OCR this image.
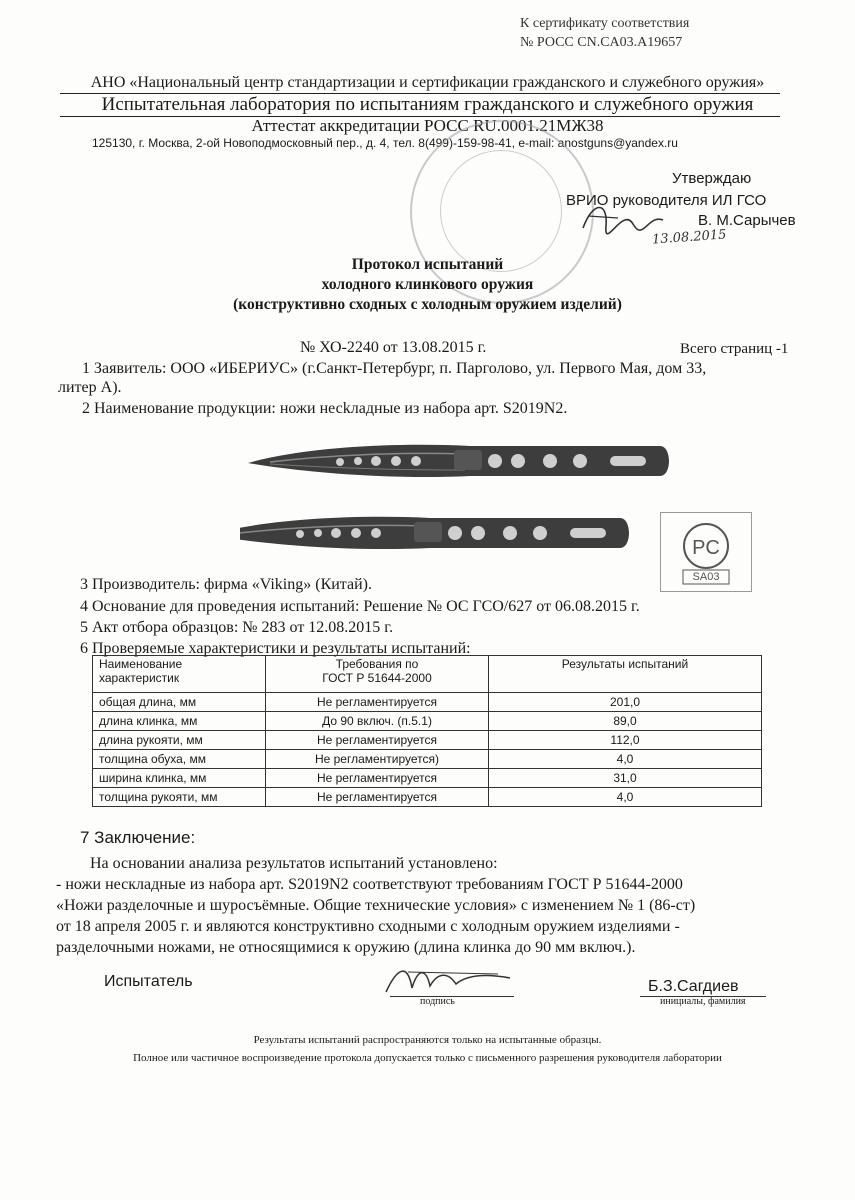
К сертификату соответствия
№ РОСС CN.CA03.A19657
АНО «Национальный центр стандартизации и сертификации гражданского и служебного оружия»
Испытательная лаборатория по испытаниям гражданского и служебного оружия
Аттестат аккредитации РОСС RU.0001.21МЖ38
125130, г. Москва, 2-ой Новоподмосковный пер., д. 4, тел. 8(499)-159-98-41, e-mail: anostguns@yandex.ru
Утверждаю
ВРИО руководителя ИЛ ГСО
В. М.Сарычев
13.08.2015
Протокол испытаний
холодного клинкового оружия
(конструктивно сходных с холодным оружием изделий)
№ ХО-2240 от 13.08.2015 г.	Всего страниц -1
1 Заявитель: ООО «ИБЕРИУС» (г.Санкт-Петербург, п. Парголово, ул. Первого Мая, дом 33,
литер А).
2 Наименование продукции: ножи несkладные из набора арт. S2019N2.
PC
SA03
3 Производитель: фирма «Viking» (Китай).
4 Основание для проведения испытаний: Решение № ОС ГСО/627 от 06.08.2015 г.
5 Акт отбора образцов: № 283 от 12.08.2015 г.
6 Проверяемые характеристики и результаты испытаний:
Наименование
характеристик	Требования по
ГОСТ Р 51644-2000	Результаты испытаний
общая длина, мм	Не регламентируется	201,0
длина клинка, мм	До 90 включ. (п.5.1)	89,0
длина рукояти, мм	Не регламентируется	112,0
толщина обуха, мм	Не регламентируется)	4,0
ширина клинка, мм	Не регламентируется	31,0
толщина рукояти, мм	Не регламентируется	4,0
7 Заключение:
На основании анализа результатов испытаний установлено:
- ножи нескладные из набора арт. S2019N2 соответствуют требованиям ГОСТ Р 51644-2000
«Ножи разделочные и шуросъёмные. Общие технические условия» с изменением № 1 (86-ст)
от 18 апреля 2005 г. и являются конструктивно сходными с холодным оружием изделиями -
разделочными ножами, не относящимися к оружию (длина клинка до 90 мм включ.).
Испытатель
подпись
Б.З.Сагдиев
инициалы, фамилия
Результаты испытаний распространяются только на испытанные образцы.
Полное или частичное воспроизведение протокола допускается только с письменного разрешения руководителя лаборатории
